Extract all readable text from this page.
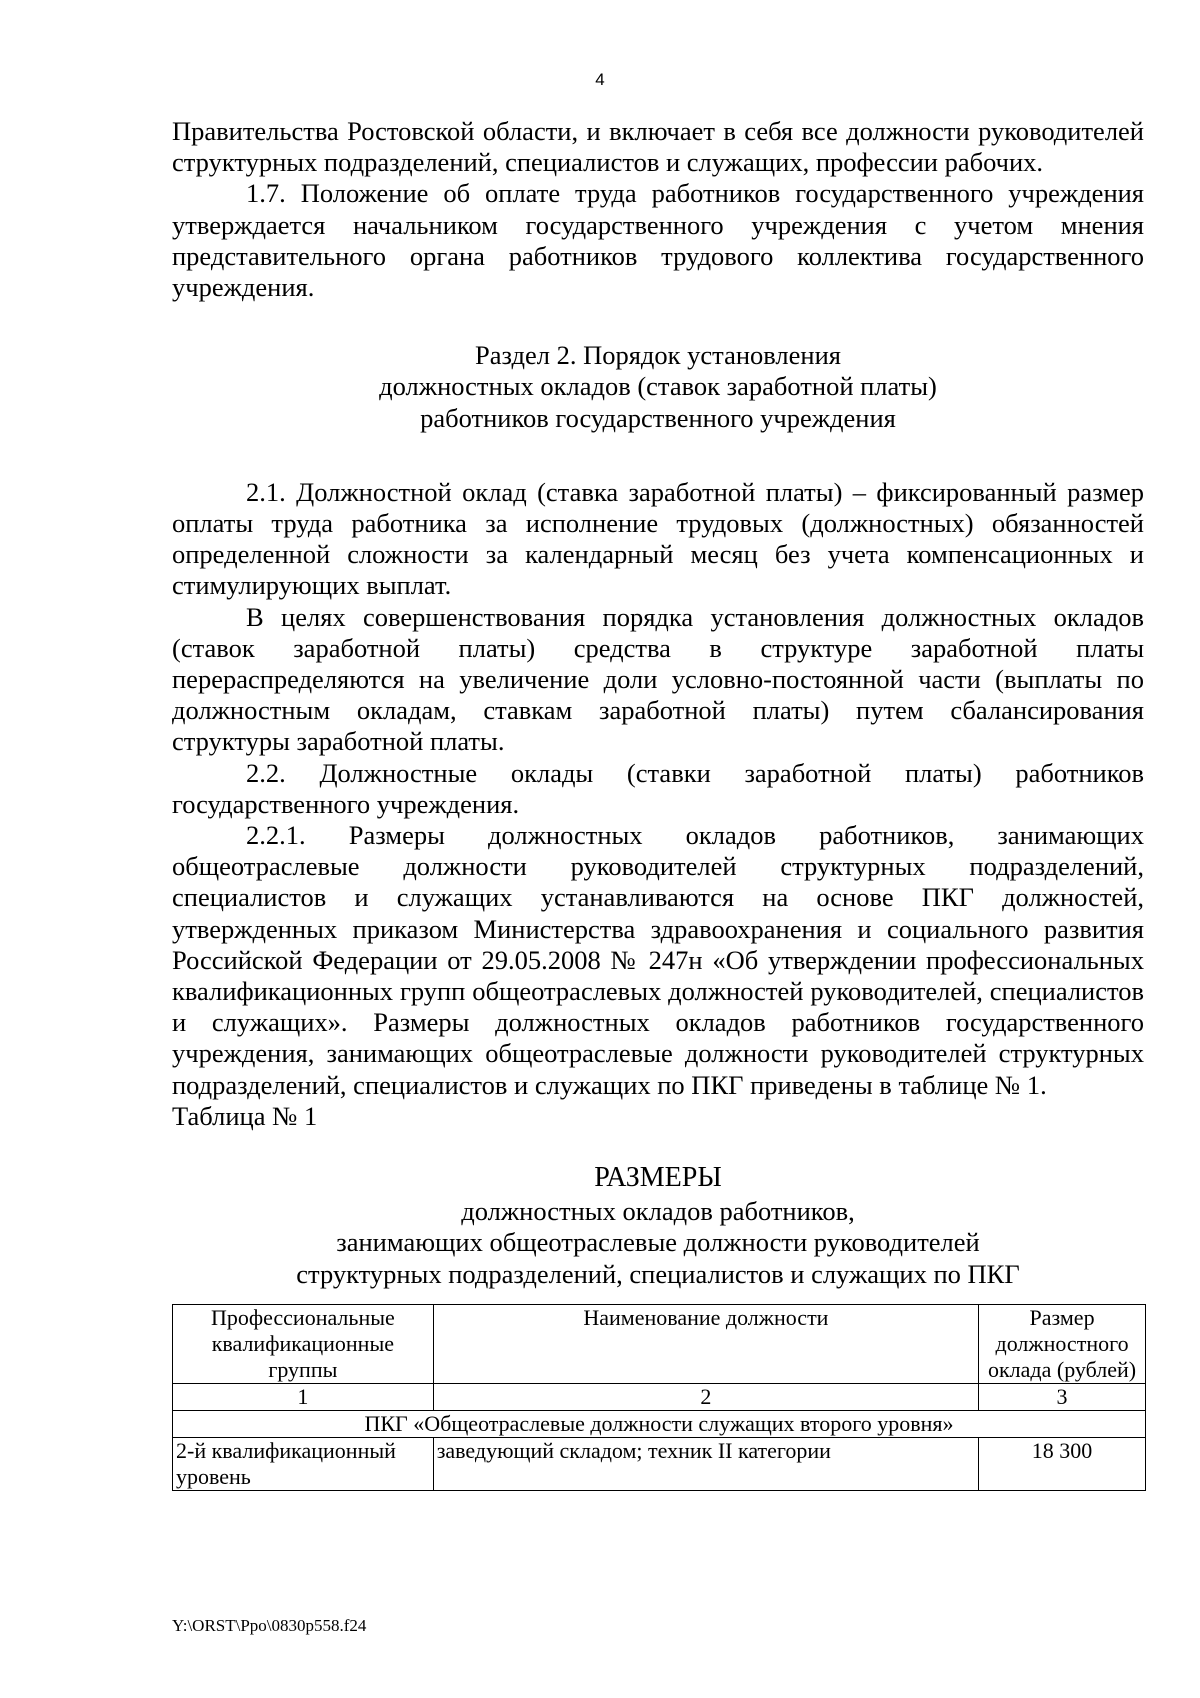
4

Правительства Ростовской области, и включает в себя все должности руководителей структурных подразделений, специалистов и служащих, профессии рабочих.

1.7. Положение об оплате труда работников государственного учреждения утверждается начальником государственного учреждения с учетом мнения представительного органа работников трудового коллектива государственного учреждения.

Раздел 2. Порядок установления
должностных окладов (ставок заработной платы)
работников государственного учреждения

2.1. Должностной оклад (ставка заработной платы) – фиксированный размер оплаты труда работника за исполнение трудовых (должностных) обязанностей определенной сложности за календарный месяц без учета компенсационных и стимулирующих выплат.

В целях совершенствования порядка установления должностных окладов (ставок заработной платы) средства в структуре заработной платы перераспределяются на увеличение доли условно-постоянной части (выплаты по должностным окладам, ставкам заработной платы) путем сбалансирования структуры заработной платы.

2.2. Должностные оклады (ставки заработной платы) работников государственного учреждения.

2.2.1. Размеры должностных окладов работников, занимающих общеотраслевые должности руководителей структурных подразделений, специалистов и служащих устанавливаются на основе ПКГ должностей, утвержденных приказом Министерства здравоохранения и социального развития Российской Федерации от 29.05.2008 № 247н «Об утверждении профессиональных квалификационных групп общеотраслевых должностей руководителей, специалистов и служащих». Размеры должностных окладов работников государственного учреждения, занимающих общеотраслевые должности руководителей структурных подразделений, специалистов и служащих по ПКГ приведены в таблице № 1.

Таблица № 1

РАЗМЕРЫ
должностных окладов работников,
занимающих общеотраслевые должности руководителей
структурных подразделений, специалистов и служащих по ПКГ
Профессиональные квалификационные группы	Наименование должности	Размер должностного оклада (рублей)
1	2	3
ПКГ «Общеотраслевые должности служащих второго уровня»		
2-й квалификационный уровень	заведующий складом; техник II категории	18 300
Y:\ORST\Ppo\0830p558.f24
